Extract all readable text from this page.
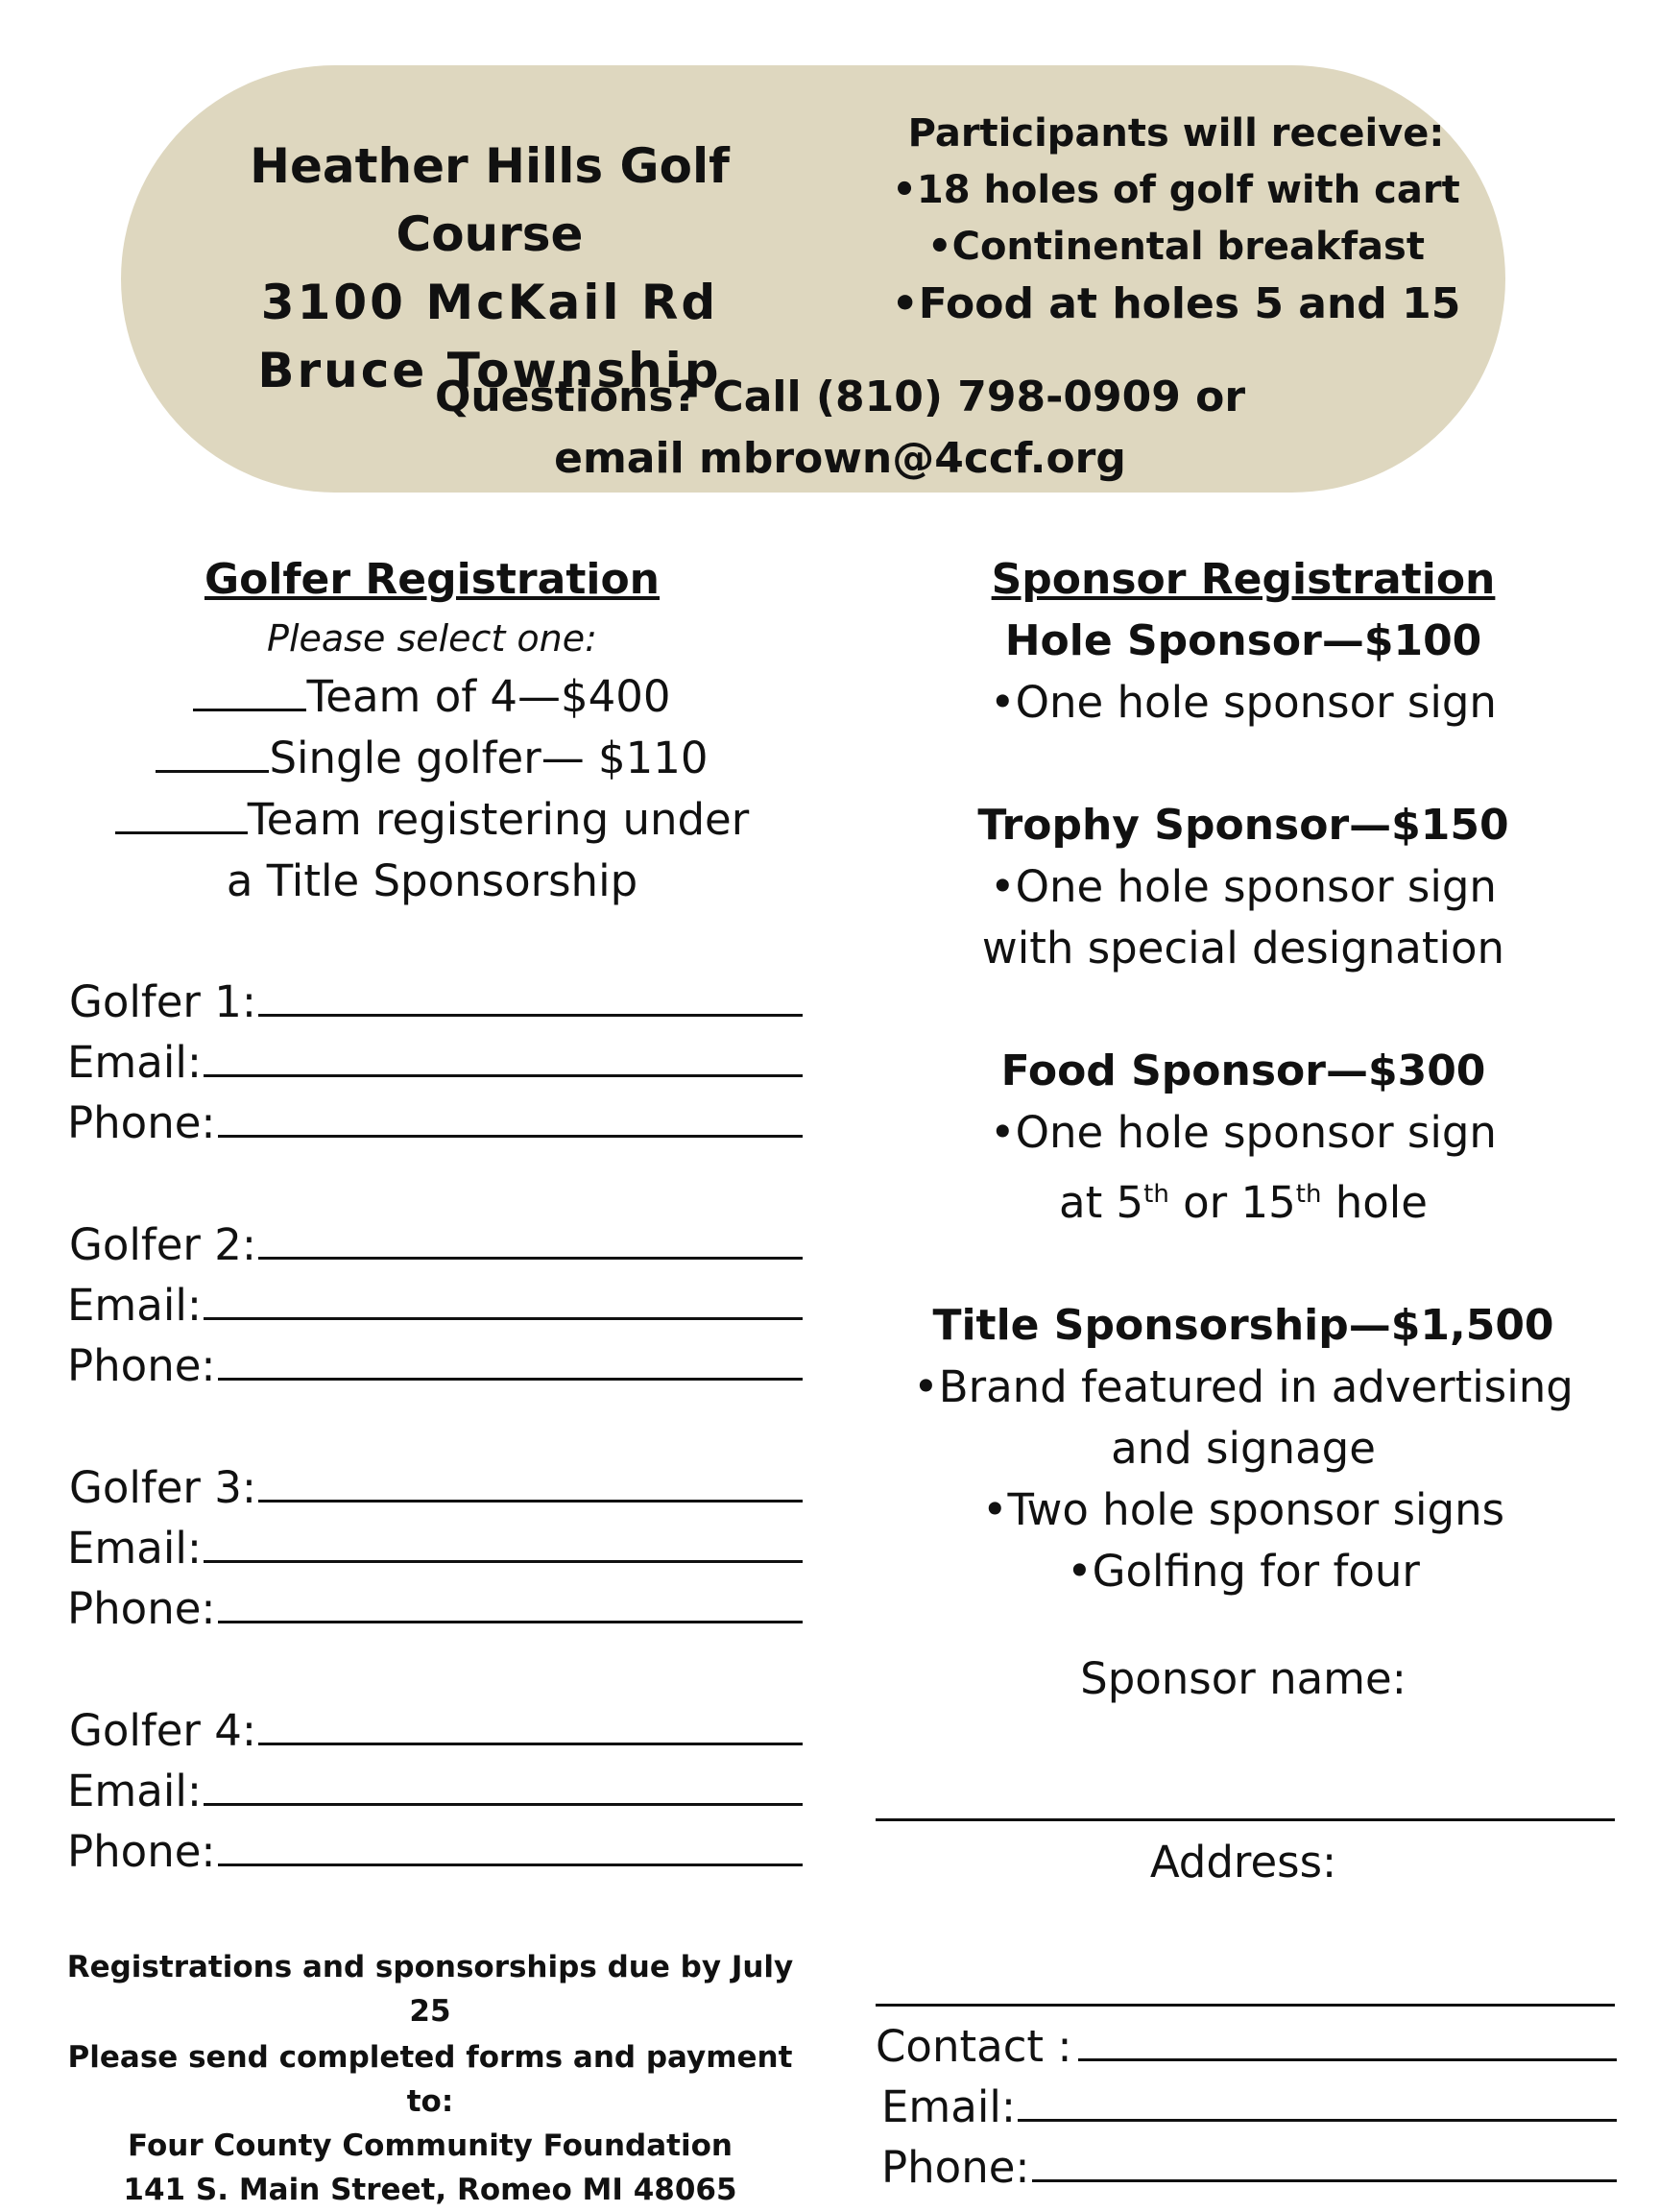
Heather Hills Golf Course
3100 McKail Rd
Bruce Township
Participants will receive:
•18 holes of golf with cart
•Continental breakfast
•Food at holes 5 and 15
Questions? Call (810) 798-0909 or
email mbrown@4ccf.org
Golfer Registration
Please select one:
Team of 4—$400
Single golfer— $110
Team registering under
a Title Sponsorship
Golfer 1:
Email:
Phone:
Golfer 2:
Email:
Phone:
Golfer 3:
Email:
Phone:
Golfer 4:
Email:
Phone:
Registrations and sponsorships due by July 25
Please send completed forms and payment to:
Four County Community Foundation
141 S. Main Street, Romeo MI 48065
Sponsor Registration
Hole Sponsor—$100
•One hole sponsor sign
Trophy Sponsor—$150
•One hole sponsor sign
with special designation
Food Sponsor—$300
•One hole sponsor sign
at 5th or 15th hole
Title Sponsorship—$1,500
•Brand featured in advertising
and signage
•Two hole sponsor signs
•Golfing for four
Sponsor name:
Address:
Contact :
Email:
Phone:
